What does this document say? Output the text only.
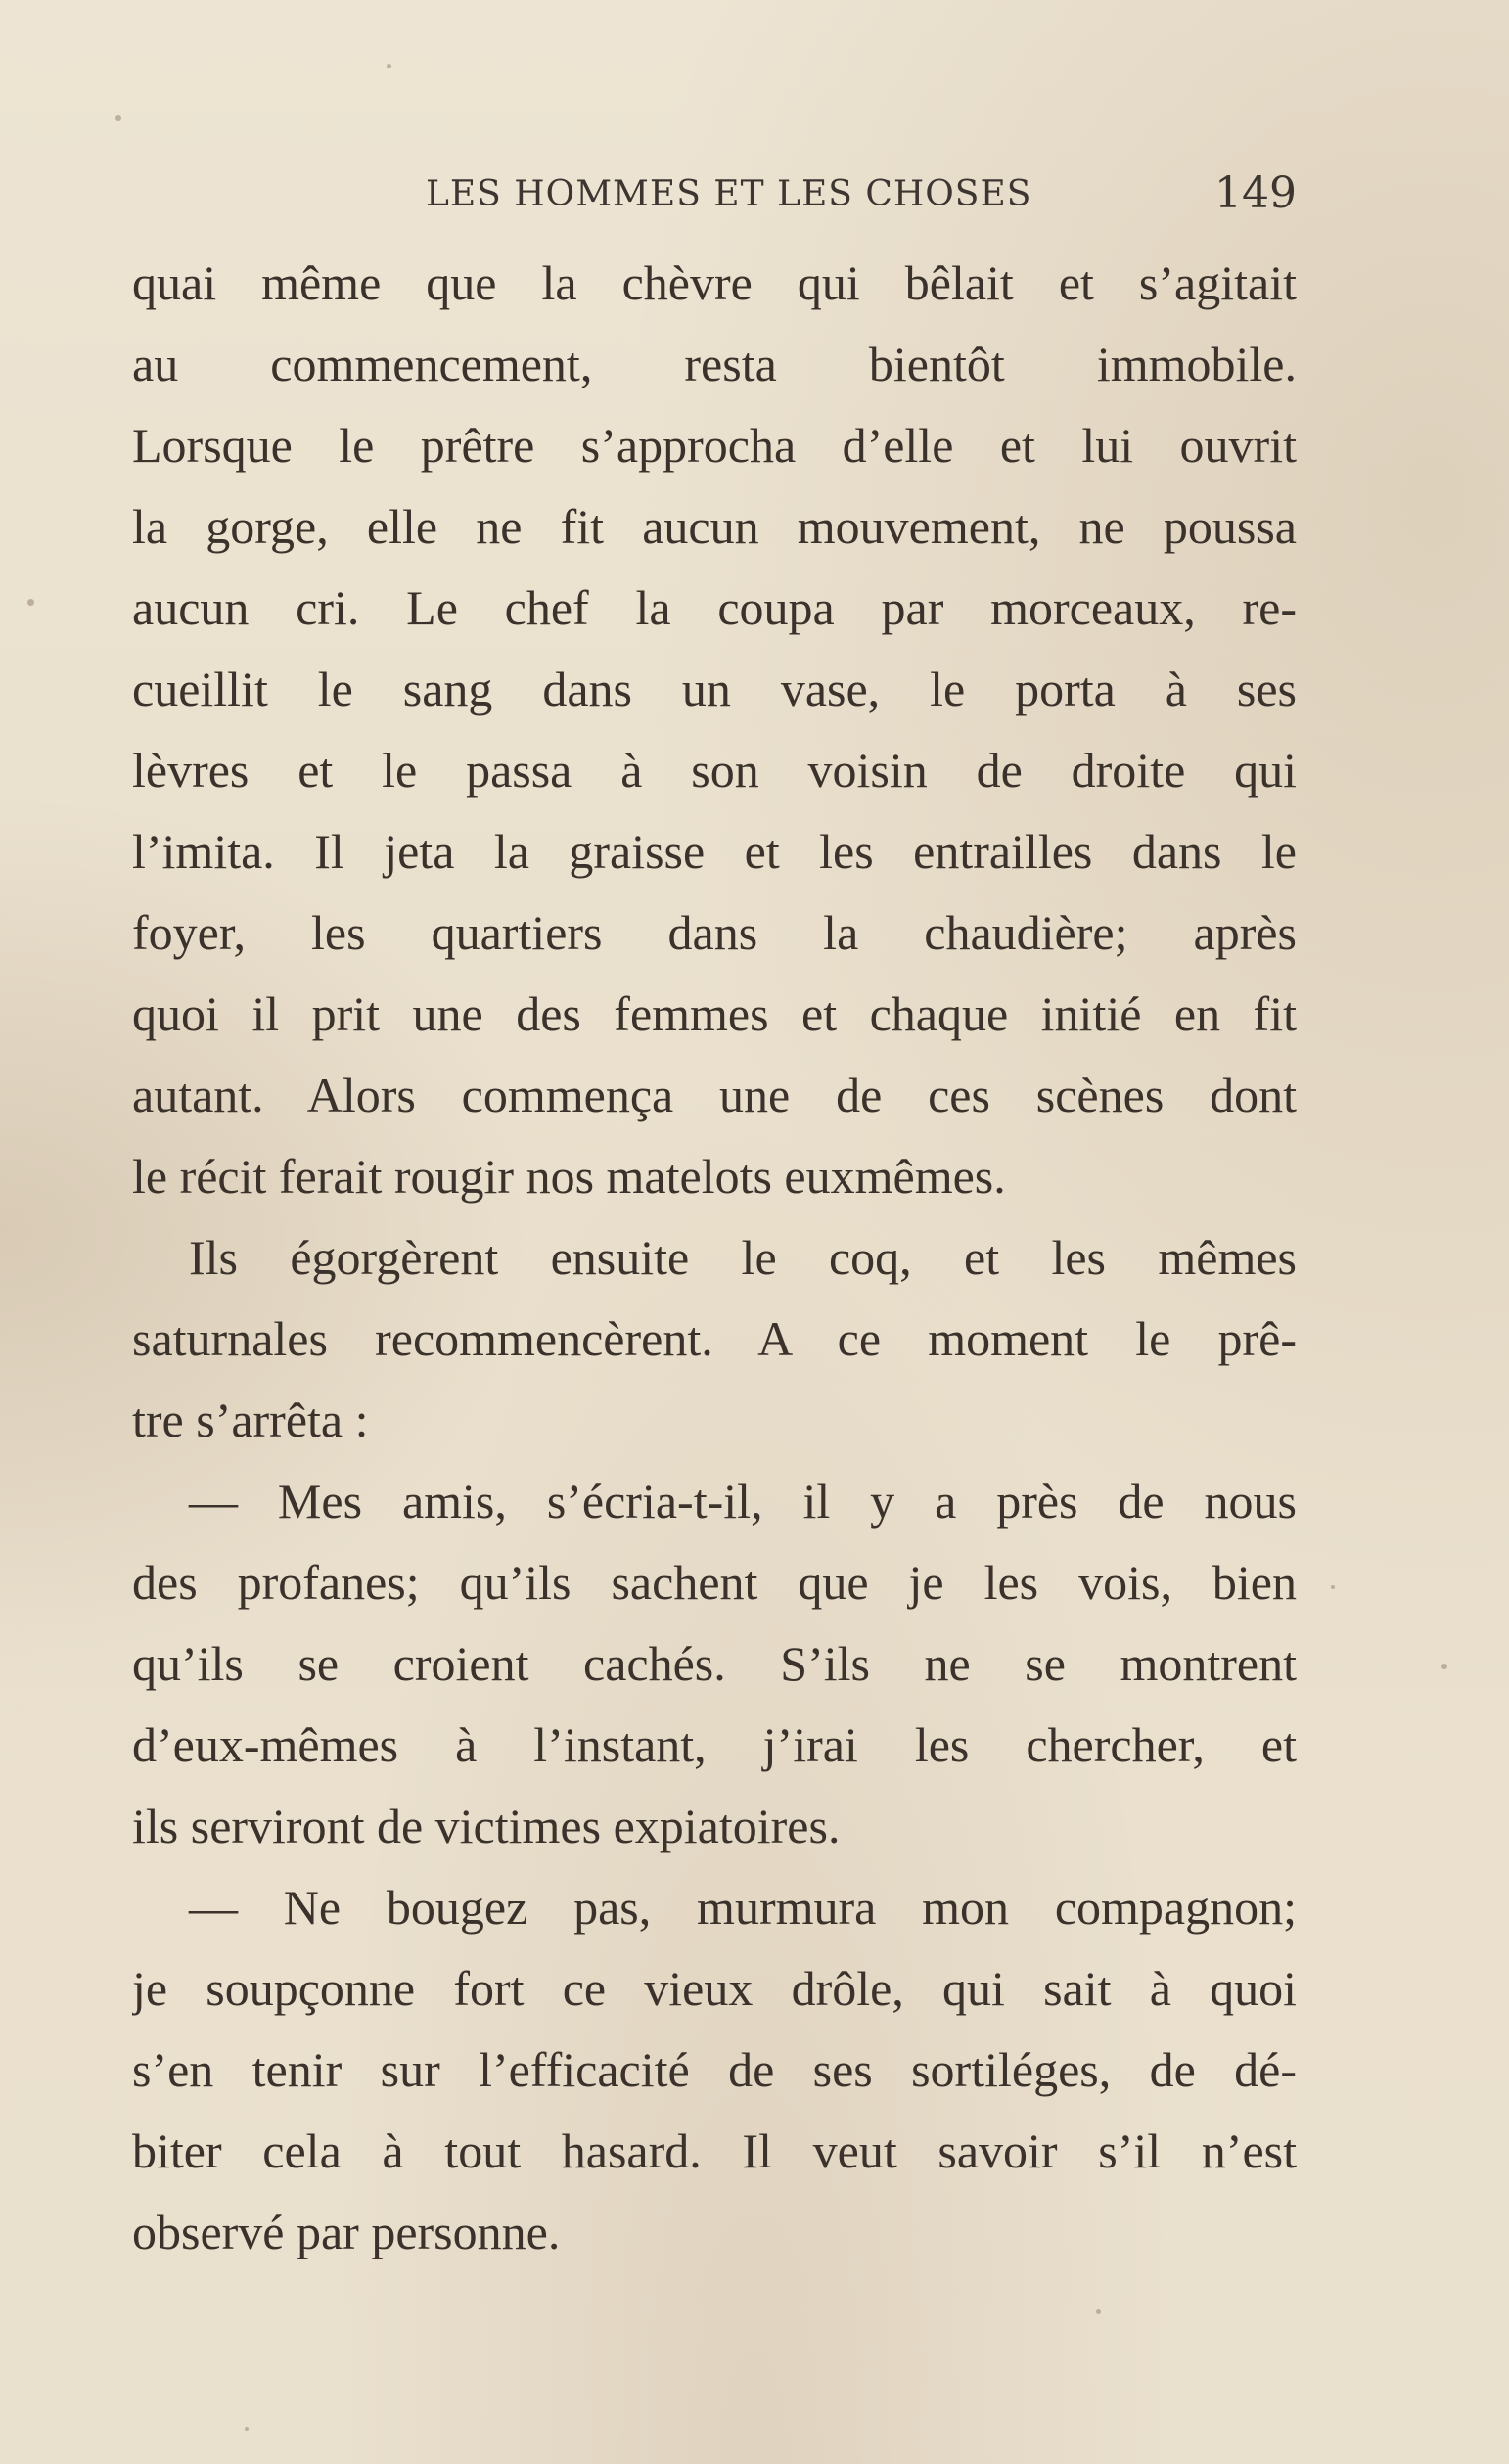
LES HOMMES ET LES CHOSES	149
quai même que la chèvre qui bêlait et s’agitait
au commencement, resta bientôt immobile.
Lorsque le prêtre s’approcha d’elle et lui ouvrit
la gorge, elle ne fit aucun mouvement, ne poussa
aucun cri. Le chef la coupa par morceaux, re-
cueillit le sang dans un vase, le porta à ses
lèvres et le passa à son voisin de droite qui
l’imita. Il jeta la graisse et les entrailles dans le
foyer, les quartiers dans la chaudière; après
quoi il prit une des femmes et chaque initié en fit
autant. Alors commença une de ces scènes dont
le récit ferait rougir nos matelots euxmêmes.
Ils égorgèrent ensuite le coq, et les mêmes
saturnales recommencèrent. A ce moment le prê-
tre s’arrêta :
— Mes amis, s’écria-t-il, il y a près de nous
des profanes; qu’ils sachent que je les vois, bien
qu’ils se croient cachés. S’ils ne se montrent
d’eux-mêmes à l’instant, j’irai les chercher, et
ils serviront de victimes expiatoires.
— Ne bougez pas, murmura mon compagnon;
je soupçonne fort ce vieux drôle, qui sait à quoi
s’en tenir sur l’efficacité de ses sortiléges, de dé-
biter cela à tout hasard. Il veut savoir s’il n’est
observé par personne.
